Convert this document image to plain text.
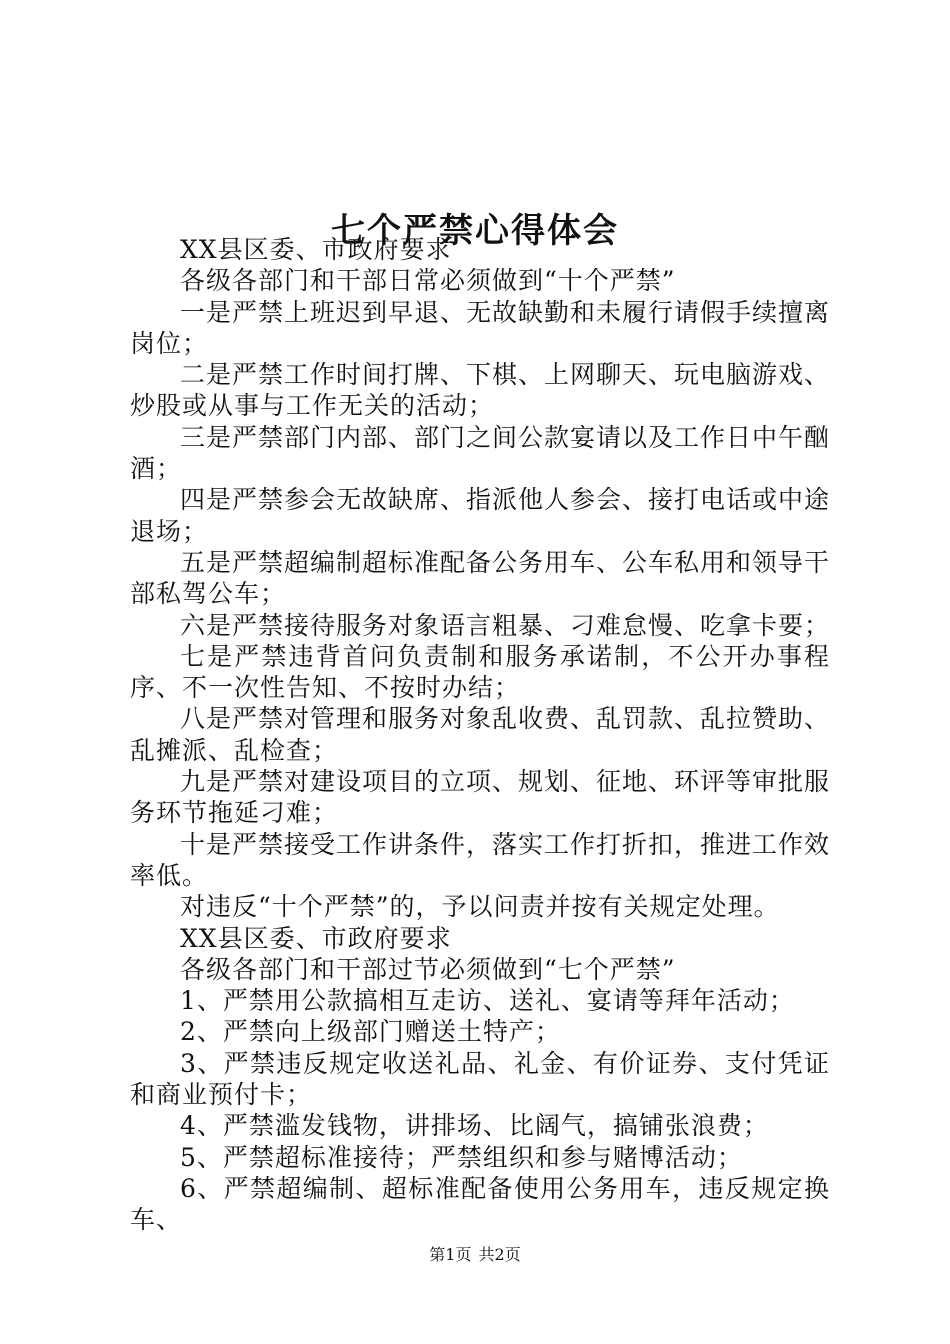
七个严禁心得体会

XX县区委、市政府要求

各级各部门和干部日常必须做到“十个严禁”

一是严禁上班迟到早退、无故缺勤和未履行请假手续擅离岗位；

二是严禁工作时间打牌、下棋、上网聊天、玩电脑游戏、炒股或从事与工作无关的活动；

三是严禁部门内部、部门之间公款宴请以及工作日中午酗酒；

四是严禁参会无故缺席、指派他人参会、接打电话或中途退场；

五是严禁超编制超标准配备公务用车、公车私用和领导干部私驾公车；

六是严禁接待服务对象语言粗暴、刁难怠慢、吃拿卡要；

七是严禁违背首问负责制和服务承诺制，不公开办事程序、不一次性告知、不按时办结；

八是严禁对管理和服务对象乱收费、乱罚款、乱拉赞助、乱摊派、乱检查；

九是严禁对建设项目的立项、规划、征地、环评等审批服务环节拖延刁难；

十是严禁接受工作讲条件，落实工作打折扣，推进工作效率低。

对违反“十个严禁”的，予以问责并按有关规定处理。

XX县区委、市政府要求

各级各部门和干部过节必须做到“七个严禁”

1、严禁用公款搞相互走访、送礼、宴请等拜年活动；

2、严禁向上级部门赠送土特产；

3、严禁违反规定收送礼品、礼金、有价证券、支付凭证和商业预付卡；

4、严禁滥发钱物，讲排场、比阔气，搞铺张浪费；

5、严禁超标准接待；严禁组织和参与赌博活动；

6、严禁超编制、超标准配备使用公务用车，违反规定换车、

第1页 共2页
